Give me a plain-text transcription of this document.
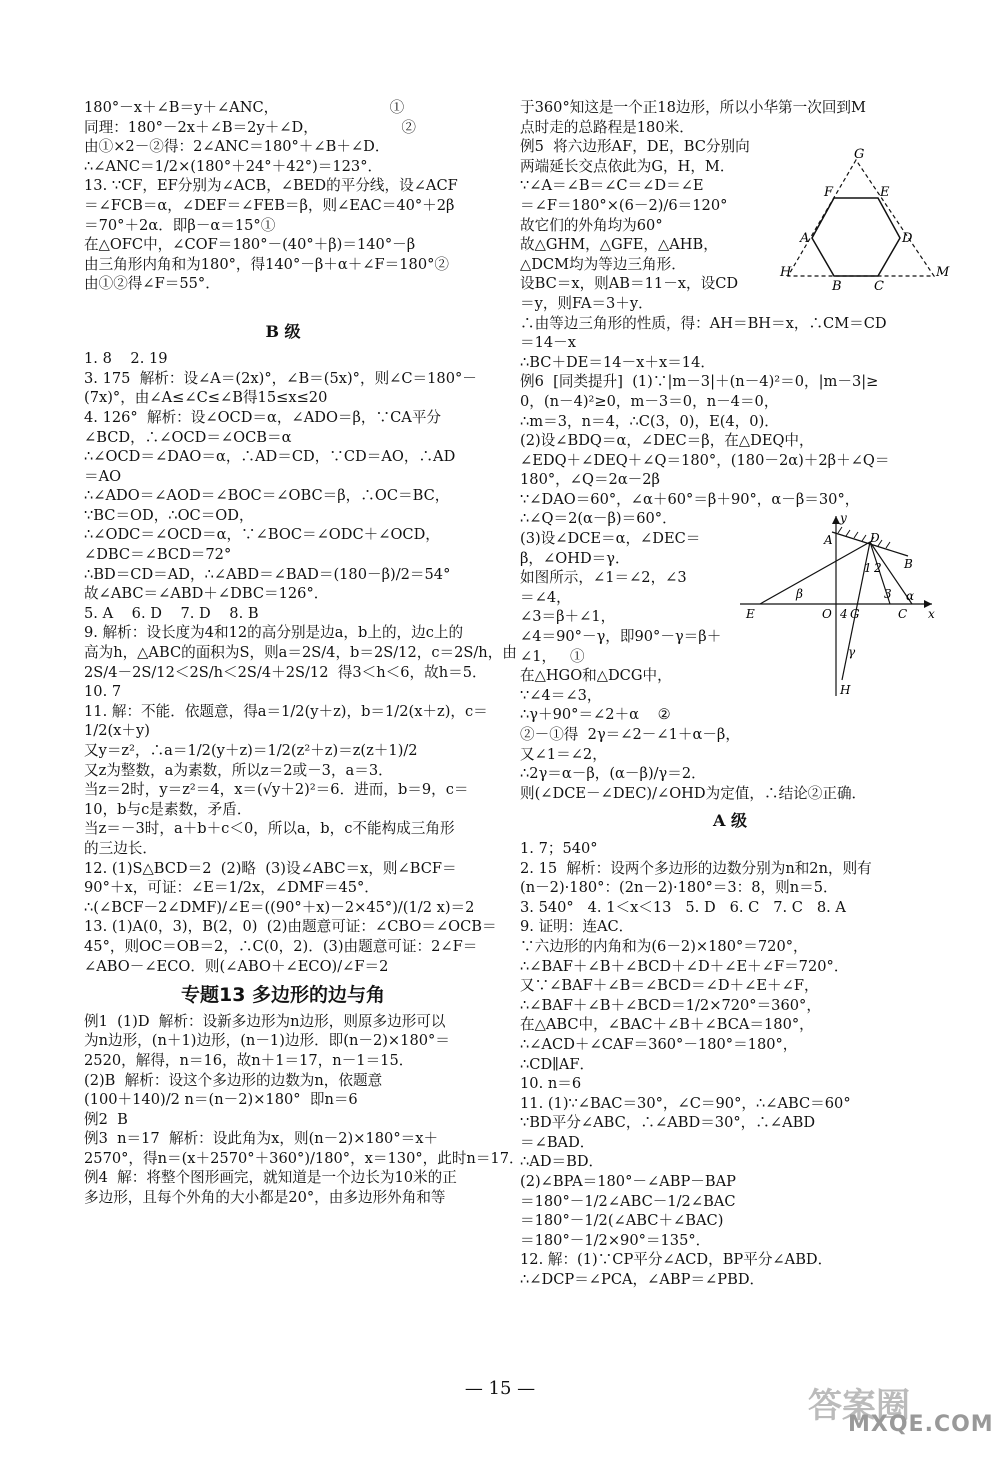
180°－x＋∠B＝y＋∠ANC，                        ①
同理：180°－2x＋∠B＝2y＋∠D，                  ②
由①×2－②得：2∠ANC＝180°＋∠B＋∠D．
∴∠ANC＝1/2×(180°＋24°＋42°)＝123°．
13. ∵CF，EF分别为∠ACB，∠BED的平分线，设∠ACF
＝∠FCB＝α，∠DEF＝∠FEB＝β，则∠EAC＝40°＋2β
＝70°＋2α．即β－α＝15°①
在△OFC中，∠COF＝180°－(40°＋β)＝140°－β
由三角形内角和为180°，得140°－β＋α＋∠F＝180°②
由①②得∠F＝55°．

B 级
1. 8    2. 19
3. 175  解析：设∠A＝(2x)°，∠B＝(5x)°，则∠C＝180°－
(7x)°，由∠A≤∠C≤∠B得15≤x≤20
4. 126°  解析：设∠OCD＝α，∠ADO＝β，∵CA平分
∠BCD，∴∠OCD＝∠OCB＝α
∴∠OCD＝∠DAO＝α，∴AD＝CD，∵CD＝AO，∴AD
＝AO
∴∠ADO＝∠AOD＝∠BOC＝∠OBC＝β，∴OC＝BC，
∵BC＝OD，∴OC＝OD，
∴∠ODC＝∠OCD＝α，∵∠BOC＝∠ODC＋∠OCD，
∠DBC＝∠BCD＝72°
∴BD＝CD＝AD，∴∠ABD＝∠BAD＝(180－β)/2＝54°
故∠ABC＝∠ABD＋∠DBC＝126°．
5. A    6. D    7. D    8. B
9. 解析：设长度为4和12的高分别是边a，b上的，边c上的
高为h，△ABC的面积为S，则a＝2S/4，b＝2S/12，c＝2S/h，由
2S/4－2S/12＜2S/h＜2S/4＋2S/12  得3＜h＜6，故h＝5．
10. 7
11. 解：不能．依题意，得a＝1/2(y＋z)，b＝1/2(x＋z)，c＝
1/2(x＋y)
又y＝z²，∴a＝1/2(y＋z)＝1/2(z²＋z)＝z(z＋1)/2
又z为整数，a为素数，所以z＝2或－3，a＝3．
当z＝2时，y＝z²＝4，x＝(√y＋2)²＝6．进而，b＝9，c＝
10，b与c是素数，矛盾．
当z＝－3时，a＋b＋c＜0，所以a，b，c不能构成三角形
的三边长．
12. (1)S△BCD＝2  (2)略  (3)设∠ABC＝x，则∠BCF＝
90°＋x，可证：∠E＝1/2x，∠DMF＝45°．
∴(∠BCF－2∠DMF)/∠E＝((90°＋x)－2×45°)/(1/2 x)＝2
13. (1)A(0，3)，B(2，0)  (2)由题意可证：∠CBO＝∠OCB＝
45°，则OC＝OB＝2，∴C(0，2)．(3)由题意可证：2∠F＝
∠ABO－∠ECO．则(∠ABO＋∠ECO)/∠F＝2
专题13 多边形的边与角
例1  (1)D  解析：设新多边形为n边形，则原多边形可以
为n边形，(n＋1)边形，(n－1)边形．即(n－2)×180°＝
2520，解得，n＝16，故n＋1＝17，n－1＝15．
(2)B  解析：设这个多边形的边数为n，依题意
(100＋140)/2 n＝(n－2)×180°  即n＝6
例2  B
例3  n＝17  解析：设此角为x，则(n－2)×180°＝x＋
2570°，得n＝(x＋2570°＋360°)/180°，x＝130°，此时n＝17．
例4  解：将整个图形画完，就知道是一个边长为10米的正
多边形，且每个外角的大小都是20°，由多边形外角和等
于360°知这是一个正18边形，所以小华第一次回到M
点时走的总路程是180米．
例5  将六边形AF，DE，BC分别向
两端延长交点依此为G，H，M．
∵∠A＝∠B＝∠C＝∠D＝∠E
＝∠F＝180°×(6－2)/6＝120°
故它们的外角均为60°
故△GHM，△GFE，△AHB，
△DCM均为等边三角形．
设BC＝x，则AB＝11－x，设CD
＝y，则FA＝3＋y．
∴由等边三角形的性质，得：AH＝BH＝x，∴CM＝CD
＝14－x
∴BC＋DE＝14－x＋x＝14．
例6  [同类提升]  (1)∵|m－3|＋(n－4)²＝0，|m－3|≥
0，(n－4)²≥0，m－3＝0，n－4＝0，
∴m＝3，n＝4，∴C(3，0)，E(4，0)．
(2)设∠BDQ＝α，∠DEC＝β，在△DEQ中，
∠EDQ＋∠DEQ＋∠Q＝180°，(180－2α)＋2β＋∠Q＝
180°，∠Q＝2α－2β
∵∠DAO＝60°，∠α＋60°＝β＋90°，α－β＝30°，
∴∠Q＝2(α－β)＝60°．
(3)设∠DCE＝α，∠DEC＝
β，∠OHD＝γ．
如图所示，∠1＝∠2，∠3
＝∠4，
∠3＝β＋∠1，
∠4＝90°－γ，即90°－γ＝β＋
∠1，   ①
在△HGO和△DCG中，
∵∠4＝∠3，
∴γ＋90°＝∠2＋α    ②
②－①得  2γ＝∠2－∠1＋α－β，
又∠1＝∠2，
∴2γ＝α－β，(α－β)/γ＝2．
则(∠DCE－∠DEC)/∠OHD为定值，∴结论②正确．
A 级
1. 7；540°
2. 15  解析：设两个多边形的边数分别为n和2n，则有
(n－2)·180°：(2n－2)·180°＝3：8，则n＝5．
3. 540°   4. 1＜x＜13   5. D   6. C   7. C   8. A
9. 证明：连AC．
∵六边形的内角和为(6－2)×180°＝720°，
∴∠BAF＋∠B＋∠BCD＋∠D＋∠E＋∠F＝720°．
又∵∠BAF＋∠B＝∠BCD＝∠D＋∠E＋∠F，
∴∠BAF＋∠B＋∠BCD＝1/2×720°＝360°，
在△ABC中，∠BAC＋∠B＋∠BCA＝180°，
∴∠ACD＋∠CAF＝360°－180°＝180°，
∴CD∥AF．
10. n＝6
11. (1)∵∠BAC＝30°，∠C＝90°，∴∠ABC＝60°
∵BD平分∠ABC，∴∠ABD＝30°，∴∠ABD
＝∠BAD．
∴AD＝BD．
(2)∠BPA＝180°－∠ABP－BAP
＝180°－1/2∠ABC－1/2∠BAC
＝180°－1/2(∠ABC＋∠BAC)
＝180°－1/2×90°＝135°．
12. 解：(1)∵CP平分∠ACD，BP平分∠ABD．
∴∠DCP＝∠PCA，∠ABP＝∠PBD．
G
F	E
A	D
H
B C
M
y
A	D
B
1 2
β	3 α
E	O 4 G	C x
γ
H
— 15 —	答案圈
MXQE.COM
